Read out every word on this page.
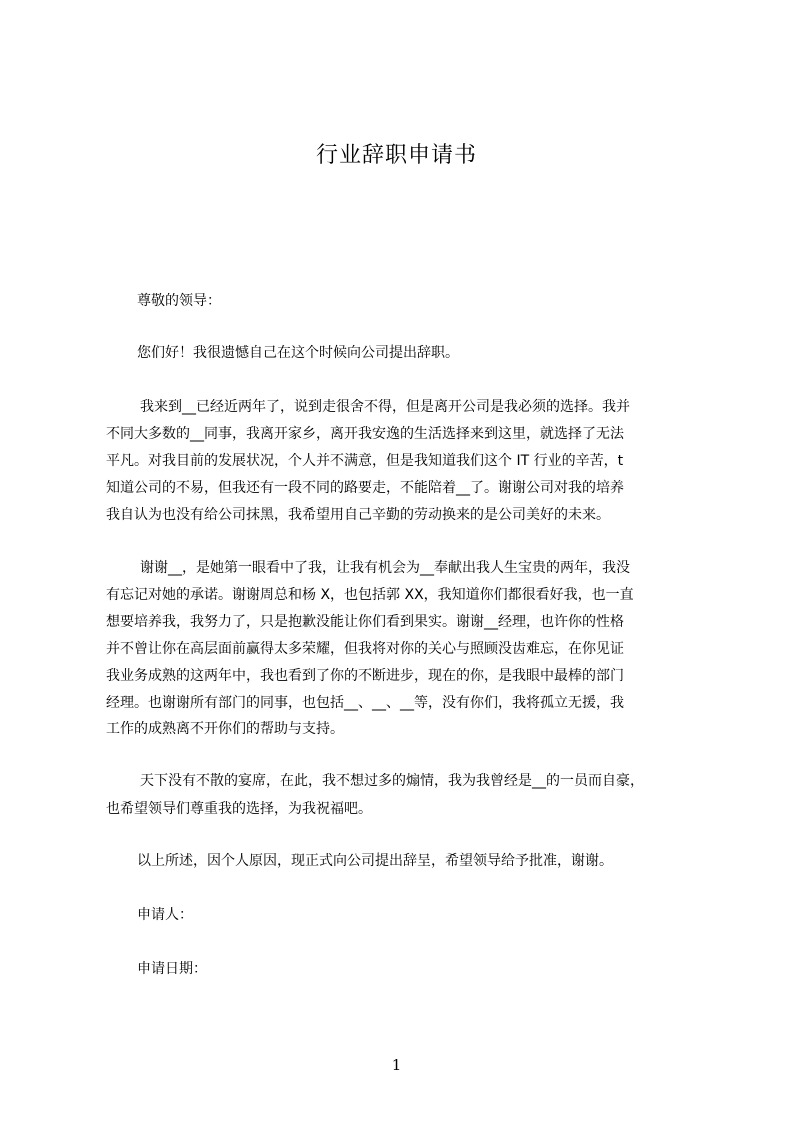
行业辞职申请书
尊敬的领导：
您们好！我很遗憾自己在这个时候向公司提出辞职。
我来到__已经近两年了，说到走很舍不得，但是离开公司是我必须的选择。我并
不同大多数的__同事，我离开家乡，离开我安逸的生活选择来到这里，就选择了无法
平凡。对我目前的发展状况，个人并不满意，但是我知道我们这个 IT 行业的辛苦，t
知道公司的不易，但我还有一段不同的路要走，不能陪着__了。谢谢公司对我的培养
我自认为也没有给公司抹黑，我希望用自己辛勤的劳动换来的是公司美好的未来。
谢谢__，是她第一眼看中了我，让我有机会为__奉献出我人生宝贵的两年，我没
有忘记对她的承诺。谢谢周总和杨 X，也包括郭 XX，我知道你们都很看好我，也一直
想要培养我，我努力了，只是抱歉没能让你们看到果实。谢谢__经理，也许你的性格
并不曾让你在高层面前赢得太多荣耀，但我将对你的关心与照顾没齿难忘，在你见证
我业务成熟的这两年中，我也看到了你的不断进步，现在的你，是我眼中最棒的部门
经理。也谢谢所有部门的同事，也包括__、__、__等，没有你们，我将孤立无援，我
工作的成熟离不开你们的帮助与支持。
天下没有不散的宴席，在此，我不想过多的煽情，我为我曾经是__的一员而自豪，
也希望领导们尊重我的选择，为我祝福吧。
以上所述，因个人原因，现正式向公司提出辞呈，希望领导给予批准，谢谢。
申请人：
申请日期：
1
